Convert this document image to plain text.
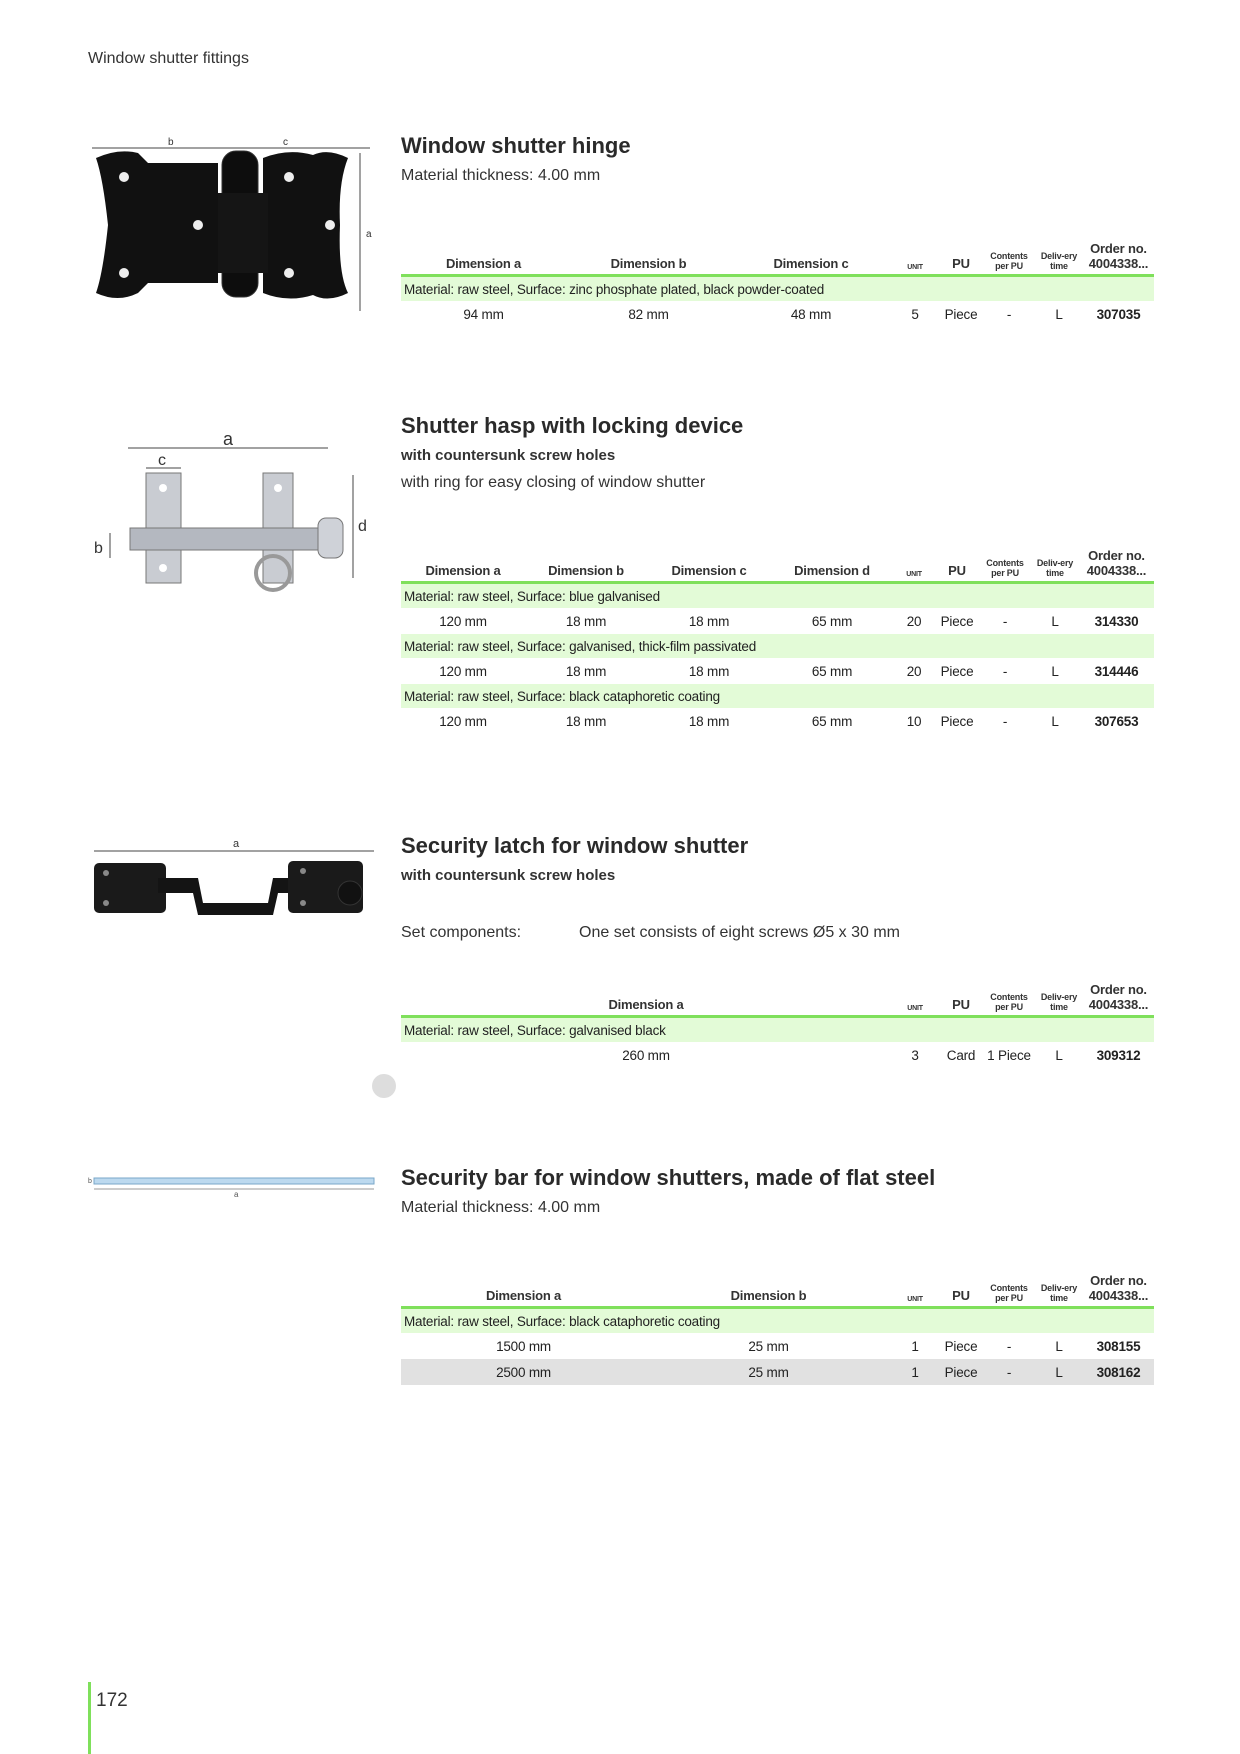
Window shutter fittings
b	c
a
Window shutter hinge
Material thickness: 4.00 mm
Dimension a	Dimension b	Dimension c	UNIT	PU	Contents per PU	Deliv-ery time	Order no. 4004338...
Material: raw steel, Surface: zinc phosphate plated, black powder-coated							
94 mm	82 mm	48 mm	5	Piece	-	L	307035
a
c
d
b
Shutter hasp with locking device
with countersunk screw holes
with ring for easy closing of window shutter
Dimension a	Dimension b	Dimension c	Dimension d	UNIT	PU	Contents per PU	Deliv-ery time	Order no. 4004338...
Material: raw steel, Surface: blue galvanised								
120 mm	18 mm	18 mm	65 mm	20	Piece	-	L	314330
Material: raw steel, Surface: galvanised, thick-film passivated								
120 mm	18 mm	18 mm	65 mm	20	Piece	-	L	314446
Material: raw steel, Surface: black cataphoretic coating								
120 mm	18 mm	18 mm	65 mm	10	Piece	-	L	307653
a	Security latch for window shutter
with countersunk screw holes
Set components:	One set consists of eight screws Ø5 x 30 mm
Dimension a	UNIT	PU	Contents per PU	Deliv-ery time	Order no. 4004338...
Material: raw steel, Surface: galvanised black					
260 mm	3	Card	1 Piece	L	309312
b
a
Security bar for window shutters, made of flat steel
Material thickness: 4.00 mm
Dimension a	Dimension b	UNIT	PU	Contents per PU	Deliv-ery time	Order no. 4004338...
Material: raw steel, Surface: black cataphoretic coating						
1500 mm	25 mm	1	Piece	-	L	308155
2500 mm	25 mm	1	Piece	-	L	308162
172
